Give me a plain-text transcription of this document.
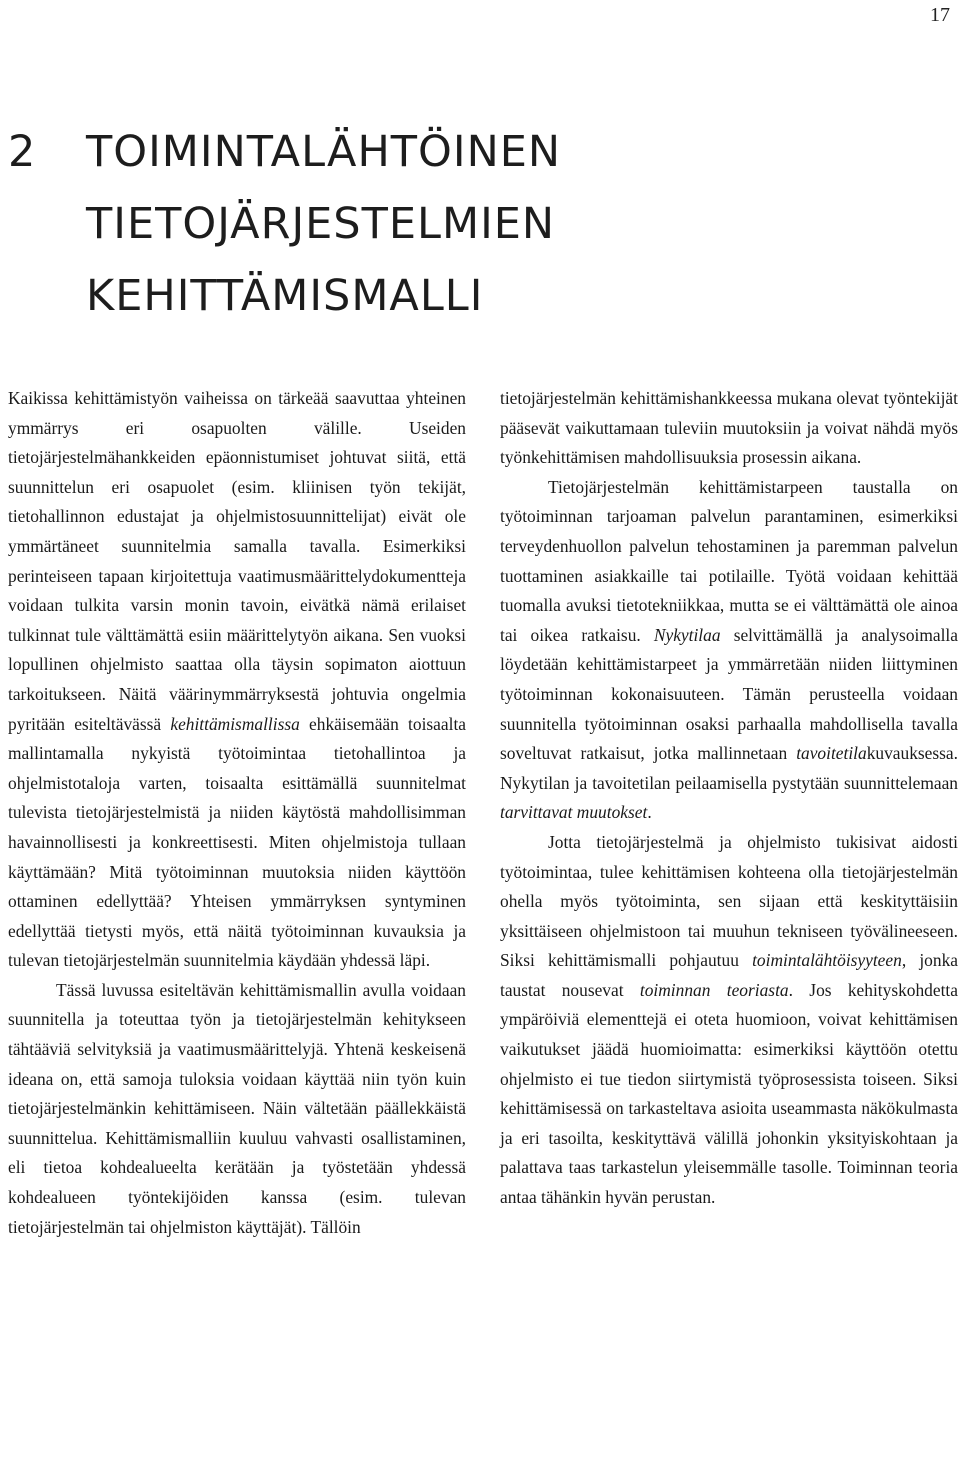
17
2	TOIMINTALÄHTÖINEN
TIETOJÄRJESTELMIEN
KEHITTÄMISMALLI

Kaikissa kehittämistyön vaiheissa on tärkeää saavuttaa yhteinen ymmärrys eri osapuolten välille. Useiden tietojärjestelmähankkeiden epäonnistumiset johtuvat siitä, että suunnittelun eri osapuolet (esim. kliinisen työn tekijät, tietohallinnon edustajat ja ohjelmistosuunnittelijat) eivät ole ymmärtäneet suunnitelmia samalla tavalla. Esimerkiksi perinteiseen tapaan kirjoitettuja vaatimusmäärittelydokumentteja voidaan tulkita varsin monin tavoin, eivätkä nämä erilaiset tulkinnat tule välttämättä esiin määrittelytyön aikana. Sen vuoksi lopullinen ohjelmisto saattaa olla täysin sopimaton aiottuun tarkoitukseen. Näitä väärinymmärryksestä johtuvia ongelmia pyritään esiteltävässä kehittämismallissa ehkäisemään toisaalta mallintamalla nykyistä työtoimintaa tietohallintoa ja ohjelmistotaloja varten, toisaalta esittämällä suunnitelmat tulevista tietojärjestelmistä ja niiden käytöstä mahdollisimman havainnollisesti ja konkreettisesti. Miten ohjelmistoja tullaan käyttämään? Mitä työtoiminnan muutoksia niiden käyttöön ottaminen edellyttää? Yhteisen ymmärryksen syntyminen edellyttää tietysti myös, että näitä työtoiminnan kuvauksia ja tulevan tietojärjestelmän suunnitelmia käydään yhdessä läpi.

Tässä luvussa esiteltävän kehittämismallin avulla voidaan suunnitella ja toteuttaa työn ja tietojärjestelmän kehitykseen tähtääviä selvityksiä ja vaatimusmäärittelyjä. Yhtenä keskeisenä ideana on, että samoja tuloksia voidaan käyttää niin työn kuin tietojärjestelmänkin kehittämiseen. Näin vältetään päällekkäistä suunnittelua. Kehittämismalliin kuuluu vahvasti osallistaminen, eli tietoa kohdealueelta kerätään ja työstetään yhdessä kohdealueen työntekijöiden kanssa (esim. tulevan tietojärjestelmän tai ohjelmiston käyttäjät). Tällöin

tietojärjestelmän kehittämishankkeessa mukana olevat työntekijät pääsevät vaikuttamaan tuleviin muutoksiin ja voivat nähdä myös työnkehittämisen mahdollisuuksia prosessin aikana.

Tietojärjestelmän kehittämistarpeen taustalla on työtoiminnan tarjoaman palvelun parantaminen, esimerkiksi terveydenhuollon palvelun tehostaminen ja paremman palvelun tuottaminen asiakkaille tai potilaille. Työtä voidaan kehittää tuomalla avuksi tietotekniikkaa, mutta se ei välttämättä ole ainoa tai oikea ratkaisu. Nykytilaa selvittämällä ja analysoimalla löydetään kehittämistarpeet ja ymmärretään niiden liittyminen työtoiminnan kokonaisuuteen. Tämän perusteella voidaan suunnitella työtoiminnan osaksi parhaalla mahdollisella tavalla soveltuvat ratkaisut, jotka mallinnetaan tavoitetilakuvauksessa. Nykytilan ja tavoitetilan peilaamisella pystytään suunnittelemaan tarvittavat muutokset.

Jotta tietojärjestelmä ja ohjelmisto tukisivat aidosti työtoimintaa, tulee kehittämisen kohteena olla tietojärjestelmän ohella myös työtoiminta, sen sijaan että keskityttäisiin yksittäiseen ohjelmistoon tai muuhun tekniseen työvälineeseen. Siksi kehittämismalli pohjautuu toimintalähtöisyyteen, jonka taustat nousevat toiminnan teoriasta. Jos kehityskohdetta ympäröiviä elementtejä ei oteta huomioon, voivat kehittämisen vaikutukset jäädä huomioimatta: esimerkiksi käyttöön otettu ohjelmisto ei tue tiedon siirtymistä työprosessista toiseen. Siksi kehittämisessä on tarkasteltava asioita useammasta näkökulmasta ja eri tasoilta, keskityttävä välillä johonkin yksityiskohtaan ja palattava taas tarkastelun yleisemmälle tasolle. Toiminnan teoria antaa tähänkin hyvän perustan.
